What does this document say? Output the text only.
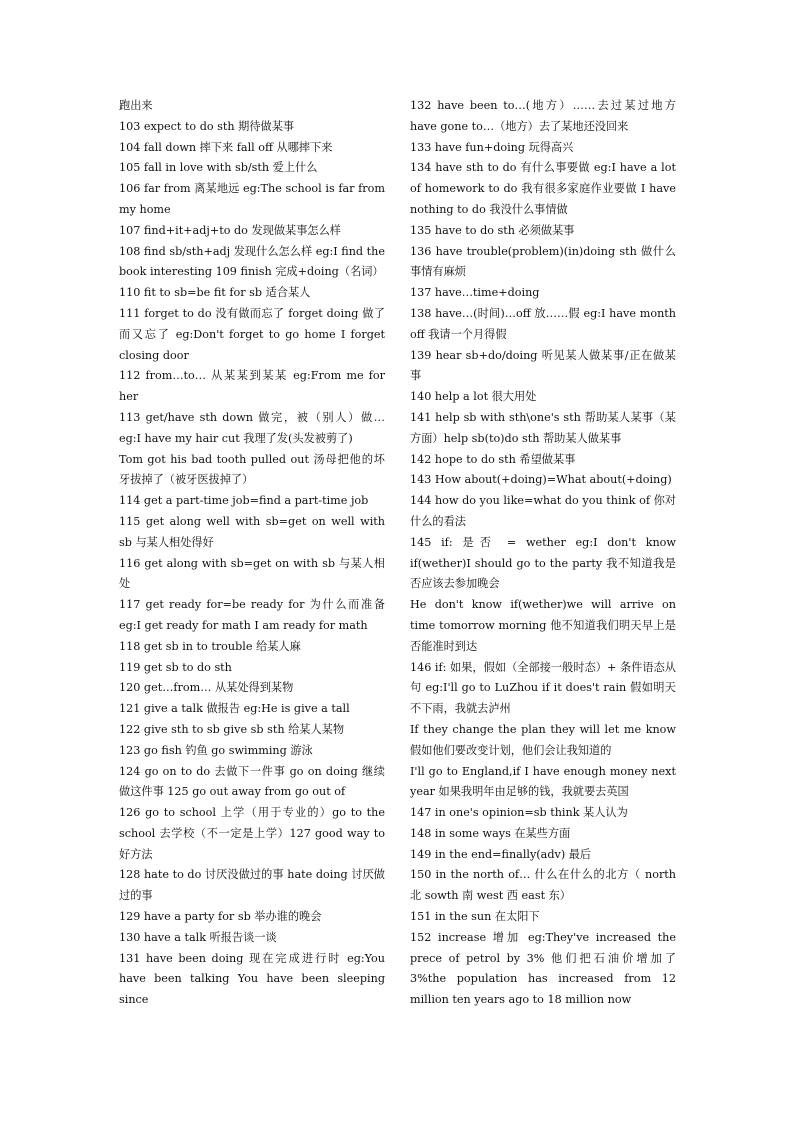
跑出来
103 expect to do sth 期待做某事
104 fall down 摔下来 fall off 从哪摔下来
105 fall in love with sb/sth 爱上什么
106 far from 离某地远 eg:The school is far from my home
107 find+it+adj+to do 发现做某事怎么样
108 find sb/sth+adj 发现什么怎么样 eg:I find the book interesting 109 finish 完成+doing（名词）
110 fit to sb=be fit for sb 适合某人
111 forget to do 没有做而忘了 forget doing 做了而又忘了 eg:Don't forget to go home I forget closing door
112 from…to… 从某某到某某 eg:From me for her
113 get/have sth down 做完，被（别人）做… eg:I have my hair cut 我理了发(头发被剪了)
Tom got his bad tooth pulled out 汤母把他的坏牙拔掉了（被牙医拔掉了）
114 get a part-time job=find a part-time job
115 get along well with sb=get on well with sb 与某人相处得好
116 get along with sb=get on with sb 与某人相处
117 get ready for=be ready for 为什么而准备 eg:I get ready for math I am ready for math
118 get sb in to trouble 给某人麻
119 get sb to do sth
120 get…from… 从某处得到某物
121 give a talk 做报告 eg:He is give a tall
122 give sth to sb give sb sth 给某人某物
123 go fish 钓鱼 go swimming 游泳
124 go on to do 去做下一件事 go on doing 继续做这件事 125 go out away from go out of
126 go to school 上学（用于专业的）go to the school 去学校（不一定是上学）127 good way to 好方法
128 hate to do 讨厌没做过的事 hate doing 讨厌做过的事
129 have a party for sb 举办谁的晚会
130 have a talk 听报告谈一谈
131 have been doing 现在完成进行时 eg:You have been talking You have been sleeping since
132 have been to…(地方）……去过某过地方 have gone to…（地方）去了某地还没回来
133 have fun+doing 玩得高兴
134 have sth to do 有什么事要做 eg:I have a lot of homework to do 我有很多家庭作业要做 I have nothing to do 我没什么事情做
135 have to do sth 必须做某事
136 have trouble(problem)(in)doing sth 做什么事情有麻烦
137 have…time+doing
138 have…(时间)…off 放……假 eg:I have month off 我请一个月得假
139 hear sb+do/doing 听见某人做某事/正在做某事
140 help a lot 很大用处
141 help sb with sth\one's sth 帮助某人某事（某方面）help sb(to)do sth 帮助某人做某事
142 hope to do sth 希望做某事
143 How about(+doing)=What about(+doing)
144 how do you like=what do you think of 你对什么的看法
145 if: 是否 = wether eg:I don't know if(wether)I should go to the party 我不知道我是否应该去参加晚会
He don't know if(wether)we will arrive on time tomorrow morning 他不知道我们明天早上是否能准时到达
146 if: 如果，假如（全部接一般时态）+ 条件语态从句 eg:I'll go to LuZhou if it does't rain 假如明天不下雨，我就去泸州
If they change the plan they will let me know 假如他们要改变计划，他们会让我知道的
I'll go to England,if I have enough money next year 如果我明年由足够的钱，我就要去英国
147 in one's opinion=sb think 某人认为
148 in some ways 在某些方面
149 in the end=finally(adv) 最后
150 in the north of… 什么在什么的北方（ north 北 sowth 南 west 西 east 东）
151 in the sun 在太阳下
152 increase 增加 eg:They've increased the prece of petrol by 3% 他们把石油价增加了 3%the population has increased from 12 million ten years ago to 18 million now
